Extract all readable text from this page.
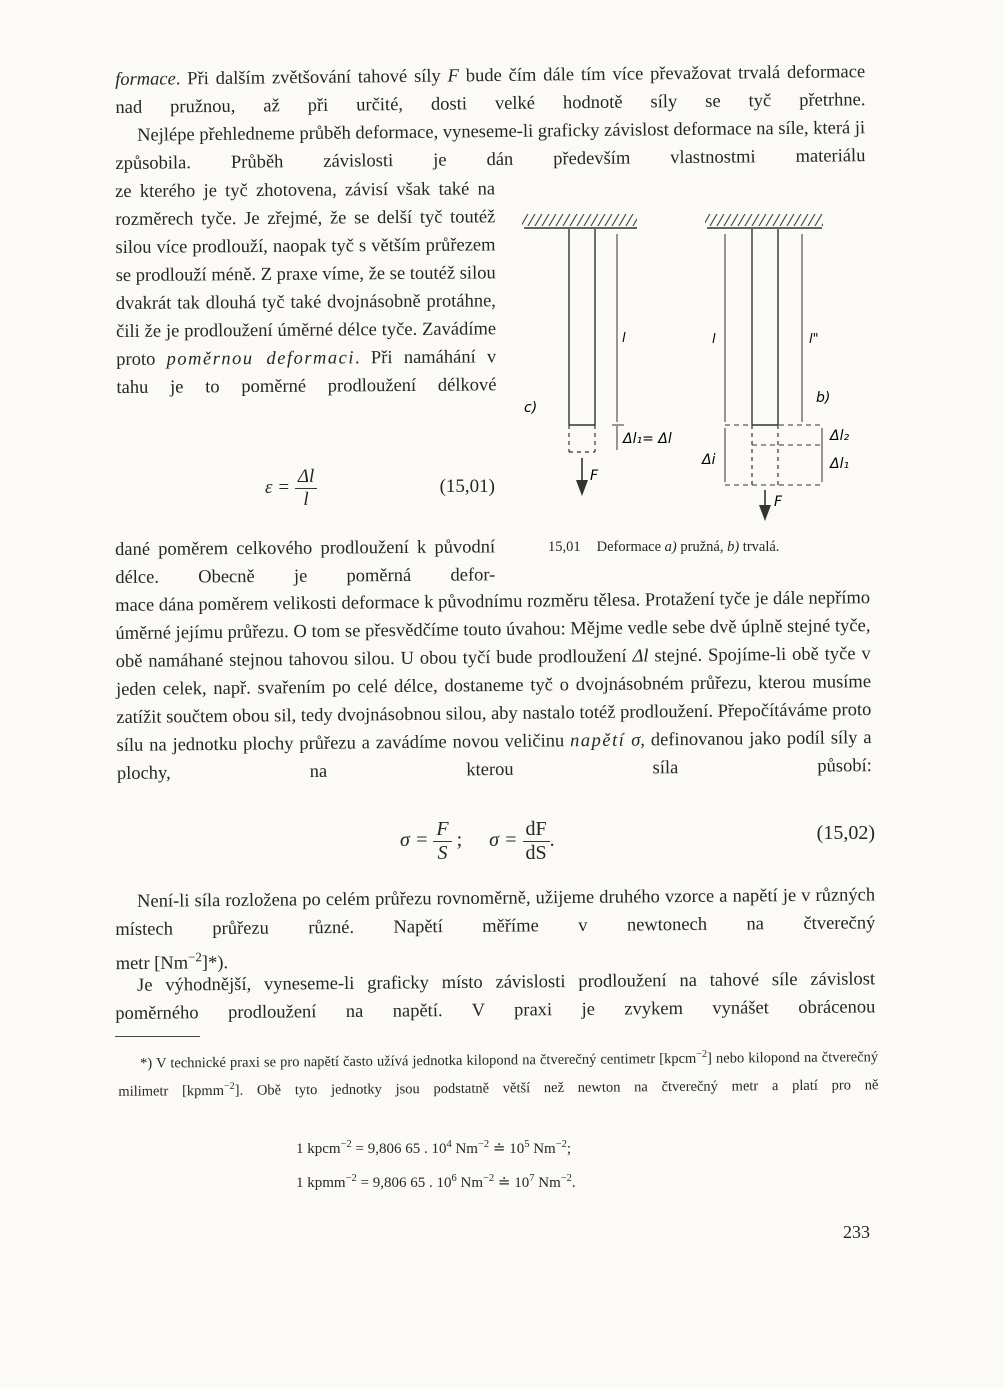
formace. Při dalším zvětšování tahové síly F bude čím dále tím více převažovat trvalá deformace nad pružnou, až při určité, dosti velké hodnotě síly se tyč přetrhne.

Nejlépe přehledneme průběh deformace, vyneseme-li graficky závislost deformace na síle, která ji způsobila. Průběh závislosti je dán především vlastnostmi materiálu

ze kterého je tyč zhotovena, závisí však také na rozměrech tyče. Je zřejmé, že se delší tyč toutéž silou více prodlouží, naopak tyč s větším průřezem se prodlouží méně. Z praxe víme, že se toutéž silou dvakrát tak dlouhá tyč také dvojnásobně protáhne, čili že je prodloužení úměrné délce tyče. Zavádíme proto poměrnou deformaci. Při namáhání v tahu je to poměrné prodloužení délkové

$\varepsilon = \frac{\Delta l}{l}$	(15,01)

dané poměrem celkového prodloužení k původní délce. Obecně je poměrná defor-

mace dána poměrem velikosti deformace k původnímu rozměru tělesa. Protažení tyče je dále nepřímo úměrné jejímu průřezu. O tom se přesvědčíme touto úvahou: Mějme vedle sebe dvě úplně stejné tyče, obě namáhané stejnou tahovou silou. U obou tyčí bude prodloužení Δl stejné. Spojíme-li obě tyče v jeden celek, např. svařením po celé délce, dostaneme tyč o dvojnásobném průřezu, kterou musíme zatížit součtem obou sil, tedy dvojnásobnou silou, aby nastalo totéž prodloužení. Přepočítáváme proto sílu na jednotku plochy průřezu a zavádíme novou veličinu napětí σ, definovanou jako podíl síly a plochy, na kterou síla působí:

$\sigma = \frac{F}{S}$ ; $\sigma = \frac{dF}{dS}$ .	(15,02)

Není-li síla rozložena po celém průřezu rovnoměrně, užijeme druhého vzorce a napětí je v různých místech průřezu různé. Napětí měříme v newtonech na čtverečný
metr $[Nm^{-2}]*$).

Je výhodnější, vyneseme-li graficky místo závislosti prodloužení na tahové síle závislost poměrného prodloužení na napětí. V praxi je zvykem vynášet obrácenou

*) V technické praxi se pro napětí často užívá jednotka kilopond na čtverečný centimetr [kpcm$^{-2}$] nebo kilopond na čtverečný milimetr [kpmm$^{-2}$]. Obě tyto jednotky jsou podstatně větší než newton na čtverečný metr a platí pro ně

1 kpcm$^{-2}$ = 9,806 65 . $10^4$ $Nm^{-2}$ ≐ $10^5$ $Nm^{-2}$;
1 kpmm$^{-2}$ = 9,806 65 . $10^6$ $Nm^{-2}$ ≐ $10^7$ $Nm^{-2}$.
l
c)
Δl₁= Δl
F
l	l"
b)
Δl₂
Δl₁
Δi
F
15,01 Deformace a) pružná, b) trvalá.
233
